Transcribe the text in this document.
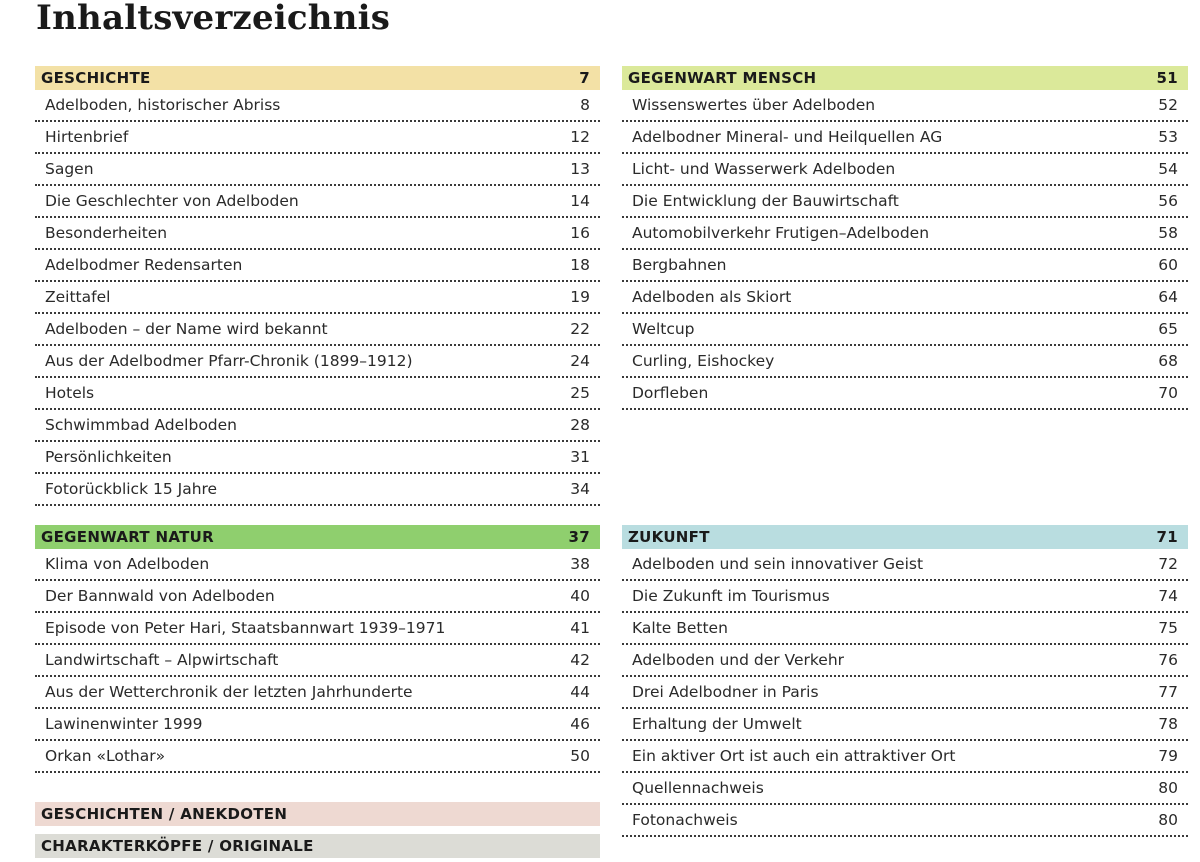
Inhaltsverzeichnis
GESCHICHTE	7
Adelboden, historischer Abriss	8
Hirtenbrief	12
Sagen	13
Die Geschlechter von Adelboden	14
Besonderheiten	16
Adelbodmer Redensarten	18
Zeittafel	19
Adelboden – der Name wird bekannt	22
Aus der Adelbodmer Pfarr-Chronik (1899–1912)	24
Hotels	25
Schwimmbad Adelboden	28
Persönlichkeiten	31
Fotorückblick 15 Jahre	34
GEGENWART NATUR	37
Klima von Adelboden	38
Der Bannwald von Adelboden	40
Episode von Peter Hari, Staatsbannwart 1939–1971	41
Landwirtschaft – Alpwirtschaft	42
Aus der Wetterchronik der letzten Jahrhunderte	44
Lawinenwinter 1999	46
Orkan «Lothar»	50
GESCHICHTEN / ANEKDOTEN
CHARAKTERKÖPFE / ORIGINALE
GEGENWART MENSCH	51
Wissenswertes über Adelboden	52
Adelbodner Mineral- und Heilquellen AG	53
Licht- und Wasserwerk Adelboden	54
Die Entwicklung der Bauwirtschaft	56
Automobilverkehr Frutigen–Adelboden	58
Bergbahnen	60
Adelboden als Skiort	64
Weltcup	65
Curling, Eishockey	68
Dorfleben	70
ZUKUNFT	71
Adelboden und sein innovativer Geist	72
Die Zukunft im Tourismus	74
Kalte Betten	75
Adelboden und der Verkehr	76
Drei Adelbodner in Paris	77
Erhaltung der Umwelt	78
Ein aktiver Ort ist auch ein attraktiver Ort	79
Quellennachweis	80
Fotonachweis	80
